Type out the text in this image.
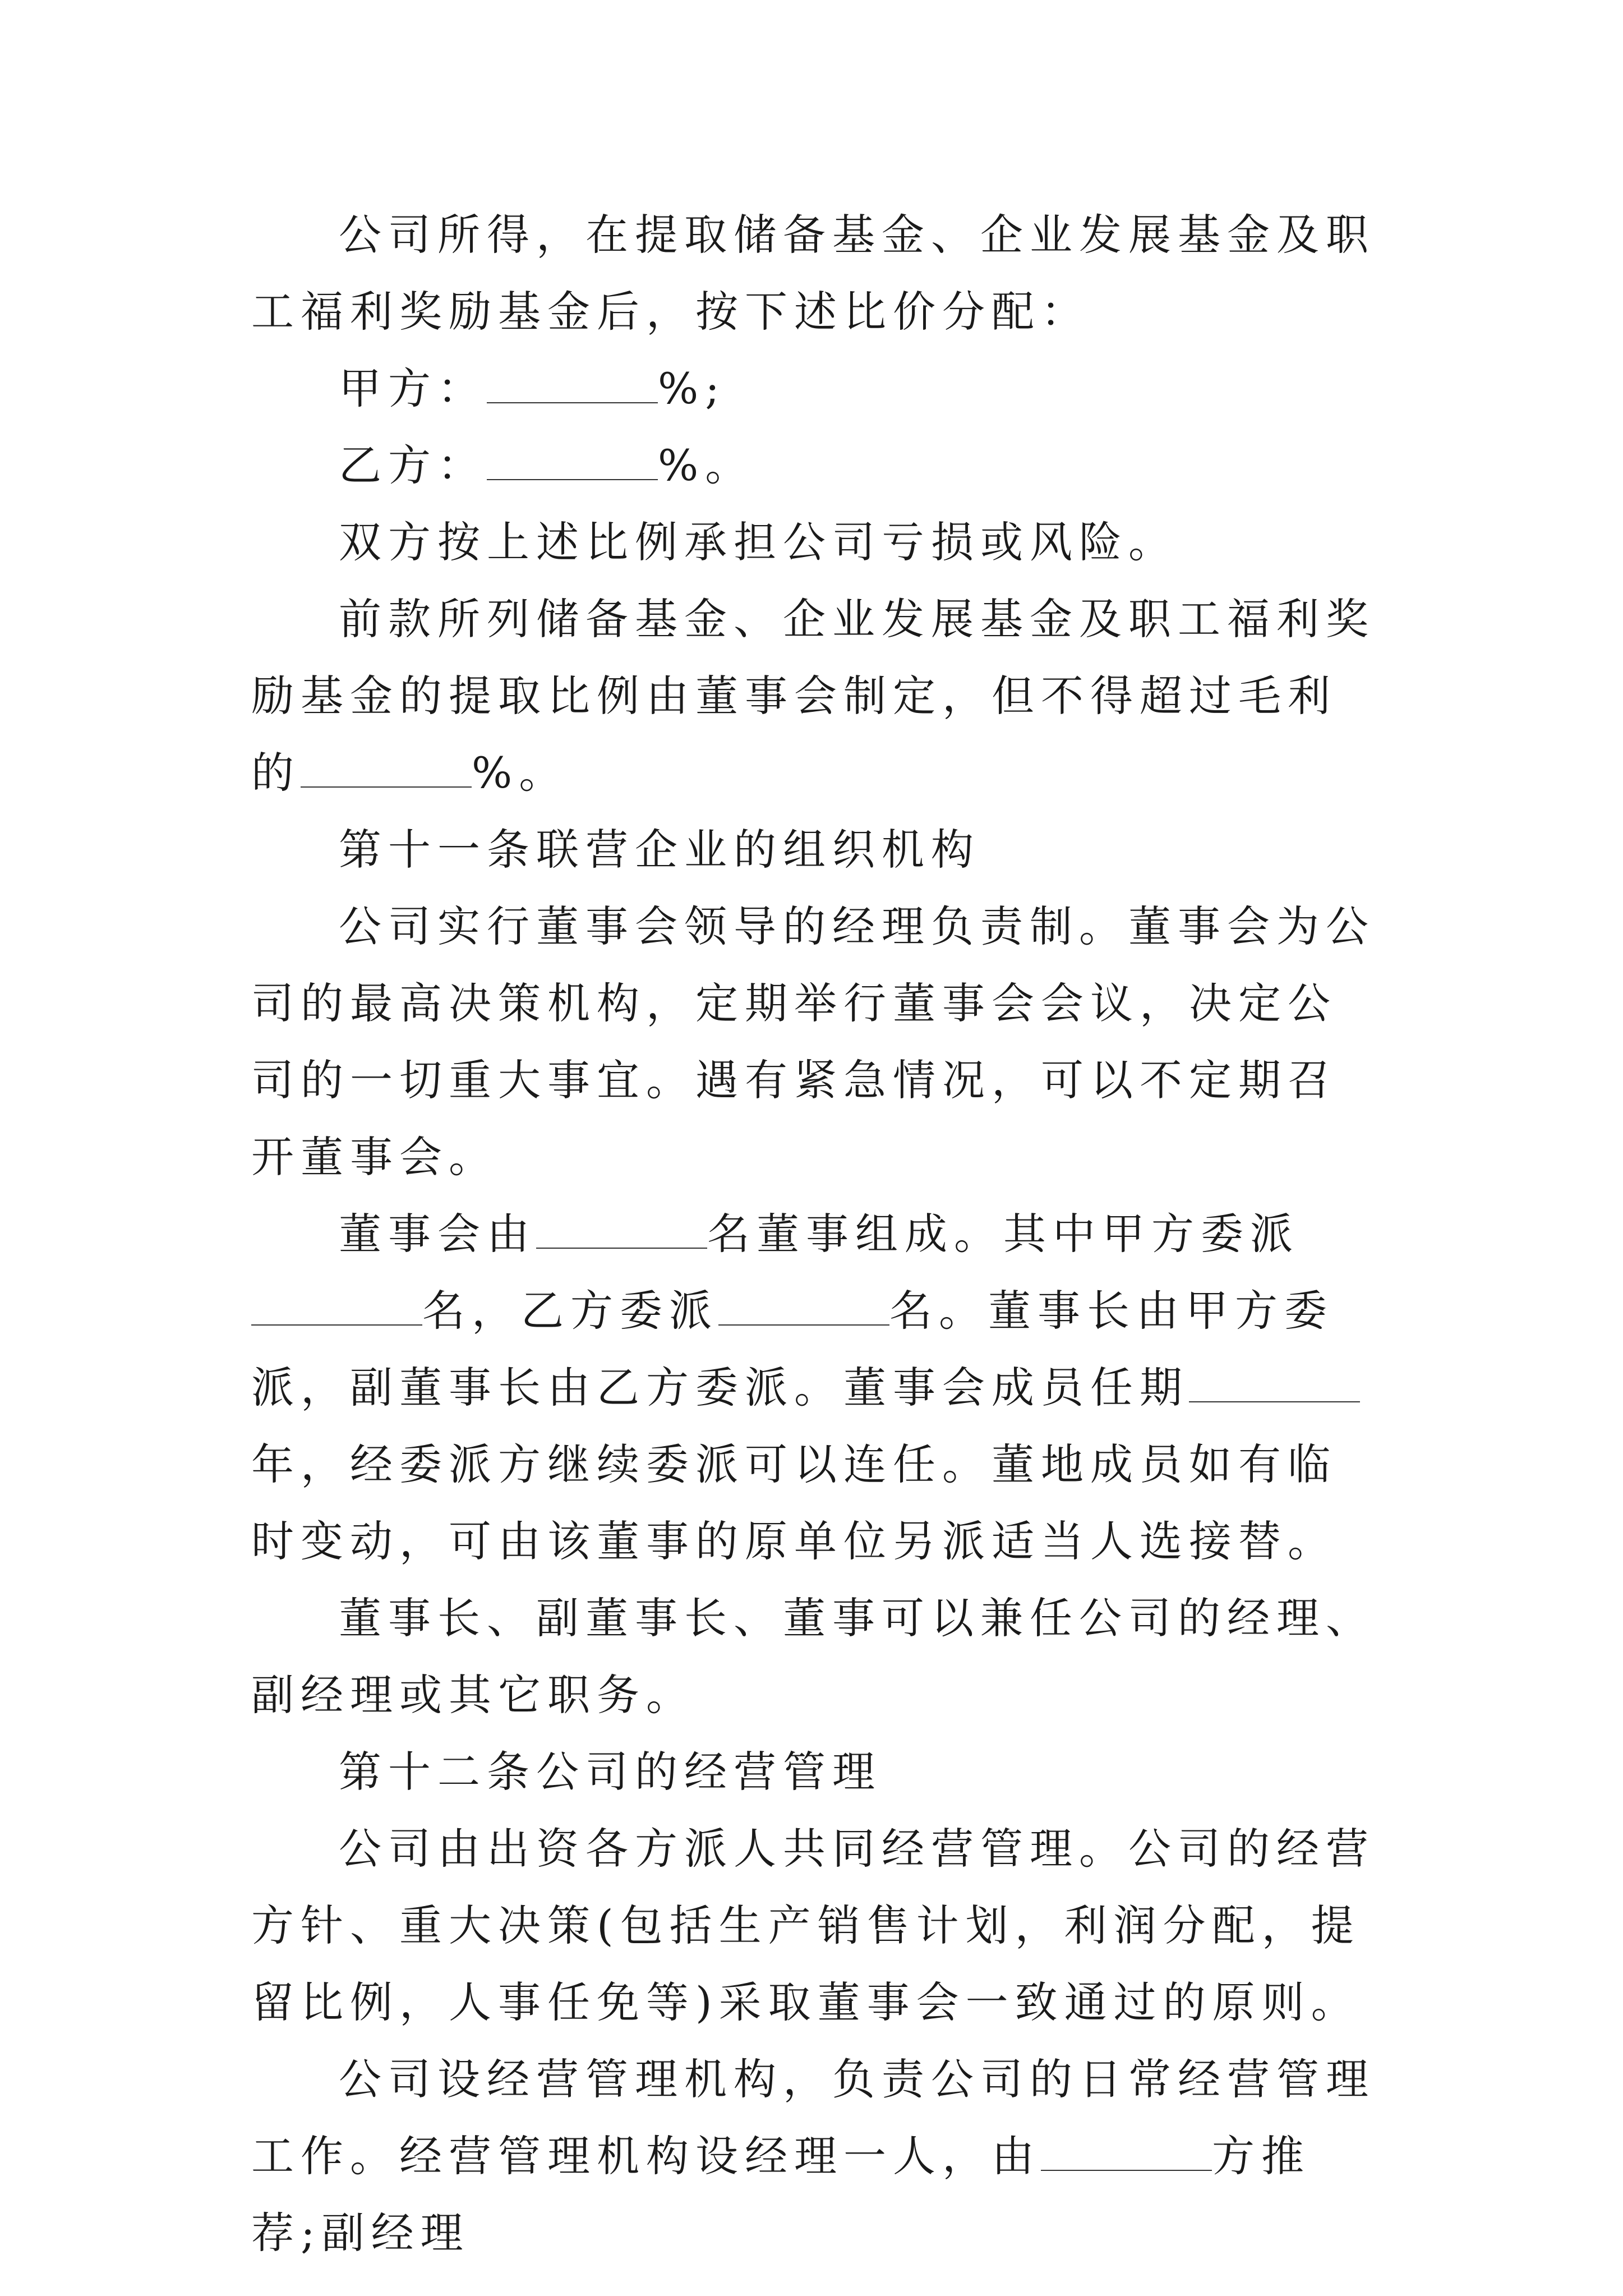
公司所得，在提取储备基金、企业发展基金及职工福利奖励基金后，按下述比价分配：

甲方：	%;

乙方：	%。

双方按上述比例承担公司亏损或风险。

前款所列储备基金、企业发展基金及职工福利奖励基金的提取比例由董事会制定，但不得超过毛利的	%。

第十一条联营企业的组织机构

公司实行董事会领导的经理负责制。董事会为公司的最高决策机构，定期举行董事会会议，决定公司的一切重大事宜。遇有紧急情况，可以不定期召开董事会。

董事会由	名董事组成。其中甲方委派名，乙方委派	名。董事长由甲方委派，副董事长由乙方委派。董事会成员任期年，经委派方继续委派可以连任。董地成员如有临时变动，可由该董事的原单位另派适当人选接替。

董事长、副董事长、董事可以兼任公司的经理、副经理或其它职务。

第十二条公司的经营管理

公司由出资各方派人共同经营管理。公司的经营方针、重大决策(包括生产销售计划，利润分配，提留比例，人事任免等)采取董事会一致通过的原则。

公司设经营管理机构，负责公司的日常经营管理工作。经营管理机构设经理一人，由	方推荐;副经理
